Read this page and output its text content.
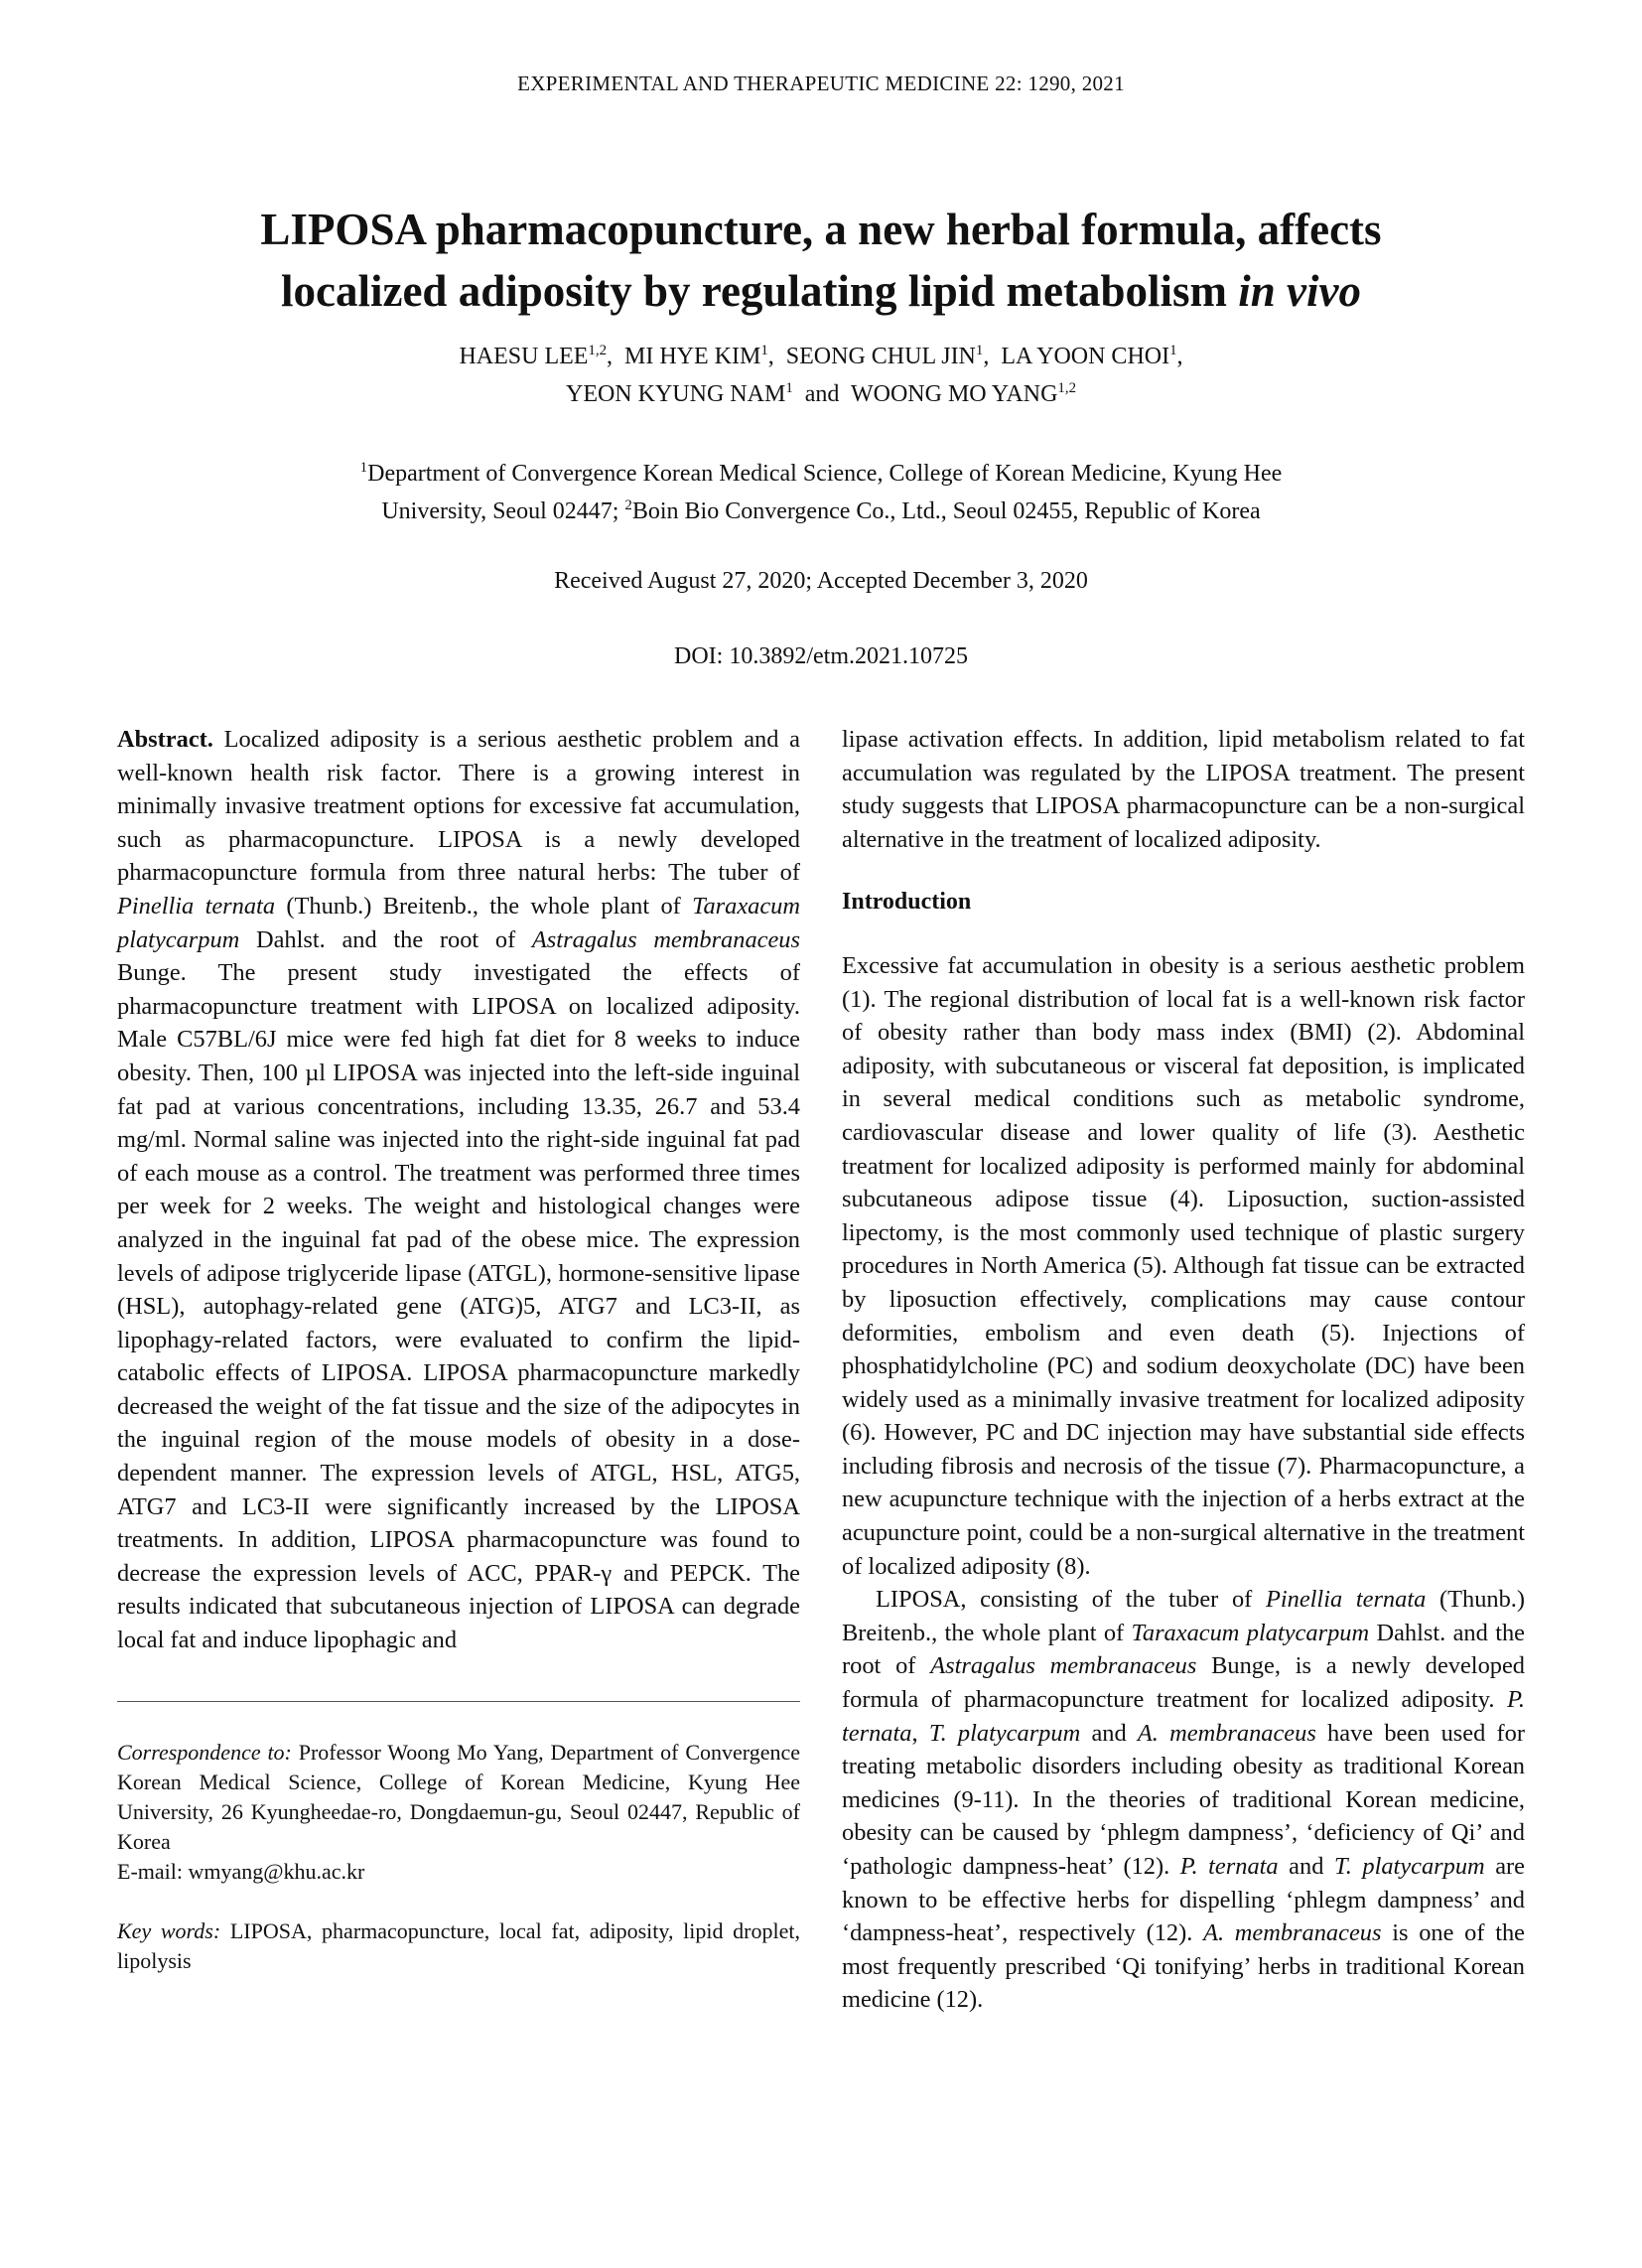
EXPERIMENTAL AND THERAPEUTIC MEDICINE 22: 1290, 2021
LIPOSA pharmacopuncture, a new herbal formula, affects
localized adiposity by regulating lipid metabolism in vivo
HAESU LEE$^{1,2}$,  MI HYE KIM$^1$,  SEONG CHUL JIN$^1$,  LA YOON CHOI$^1$,
YEON KYUNG NAM$^1$ and WOONG MO YANG$^{1,2}$
$^1$Department of Convergence Korean Medical Science, College of Korean Medicine, Kyung Hee
University, Seoul 02447; $^2$Boin Bio Convergence Co., Ltd., Seoul 02455, Republic of Korea
Received August 27, 2020; Accepted December 3, 2020
DOI: 10.3892/etm.2021.10725

Abstract. Localized adiposity is a serious aesthetic problem and a well-known health risk factor. There is a growing interest in minimally invasive treatment options for excessive fat accumulation, such as pharmacopuncture. LIPOSA is a newly developed pharmacopuncture formula from three natural herbs: The tuber of Pinellia ternata (Thunb.) Breitenb., the whole plant of Taraxacum platycarpum Dahlst. and the root of Astragalus membranaceus Bunge. The present study investigated the effects of pharmacopuncture treatment with LIPOSA on localized adiposity. Male C57BL/6J mice were fed high fat diet for 8 weeks to induce obesity. Then, 100 µl LIPOSA was injected into the left-side inguinal fat pad at various concentrations, including 13.35, 26.7 and 53.4 mg/ml. Normal saline was injected into the right-side inguinal fat pad of each mouse as a control. The treatment was performed three times per week for 2 weeks. The weight and histological changes were analyzed in the inguinal fat pad of the obese mice. The expression levels of adipose triglyceride lipase (ATGL), hormone-sensitive lipase (HSL), autophagy-related gene (ATG)5, ATG7 and LC3-II, as lipophagy-related factors, were evaluated to confirm the lipid-catabolic effects of LIPOSA. LIPOSA pharmacopuncture markedly decreased the weight of the fat tissue and the size of the adipocytes in the inguinal region of the mouse models of obesity in a dose-dependent manner. The expression levels of ATGL, HSL, ATG5, ATG7 and LC3-II were significantly increased by the LIPOSA treatments. In addition, LIPOSA pharmacopuncture was found to decrease the expression levels of ACC, PPAR-γ and PEPCK. The results indicated that subcutaneous injection of LIPOSA can degrade local fat and induce lipophagic and

Correspondence to: Professor Woong Mo Yang, Department of Convergence Korean Medical Science, College of Korean Medicine, Kyung Hee University, 26 Kyungheedae-ro, Dongdaemun-gu, Seoul 02447, Republic of Korea

E-mail: wmyang@khu.ac.kr

Key words: LIPOSA, pharmacopuncture, local fat, adiposity, lipid droplet, lipolysis

lipase activation effects. In addition, lipid metabolism related to fat accumulation was regulated by the LIPOSA treatment. The present study suggests that LIPOSA pharmacopuncture can be a non-surgical alternative in the treatment of localized adiposity.

Introduction

Excessive fat accumulation in obesity is a serious aesthetic problem (1). The regional distribution of local fat is a well-known risk factor of obesity rather than body mass index (BMI) (2). Abdominal adiposity, with subcutaneous or visceral fat deposition, is implicated in several medical conditions such as metabolic syndrome, cardiovascular disease and lower quality of life (3). Aesthetic treatment for localized adiposity is performed mainly for abdominal subcutaneous adipose tissue (4). Liposuction, suction-assisted lipectomy, is the most commonly used technique of plastic surgery procedures in North America (5). Although fat tissue can be extracted by liposuction effectively, complications may cause contour deformities, embolism and even death (5). Injections of phosphatidylcholine (PC) and sodium deoxycholate (DC) have been widely used as a minimally invasive treatment for localized adiposity (6). However, PC and DC injection may have substantial side effects including fibrosis and necrosis of the tissue (7). Pharmacopuncture, a new acupuncture technique with the injection of a herbs extract at the acupuncture point, could be a non-surgical alternative in the treatment of localized adiposity (8).

LIPOSA, consisting of the tuber of Pinellia ternata (Thunb.) Breitenb., the whole plant of Taraxacum platycarpum Dahlst. and the root of Astragalus membranaceus Bunge, is a newly developed formula of pharmacopuncture treatment for localized adiposity. P. ternata, T. platycarpum and A. membranaceus have been used for treating metabolic disorders including obesity as traditional Korean medicines (9-11). In the theories of traditional Korean medicine, obesity can be caused by ‘phlegm dampness’, ‘deficiency of Qi’ and ‘pathologic dampness-heat’ (12). P. ternata and T. platycarpum are known to be effective herbs for dispelling ‘phlegm dampness’ and ‘dampness-heat’, respectively (12). A. membranaceus is one of the most frequently prescribed ‘Qi tonifying’ herbs in traditional Korean medicine (12).
